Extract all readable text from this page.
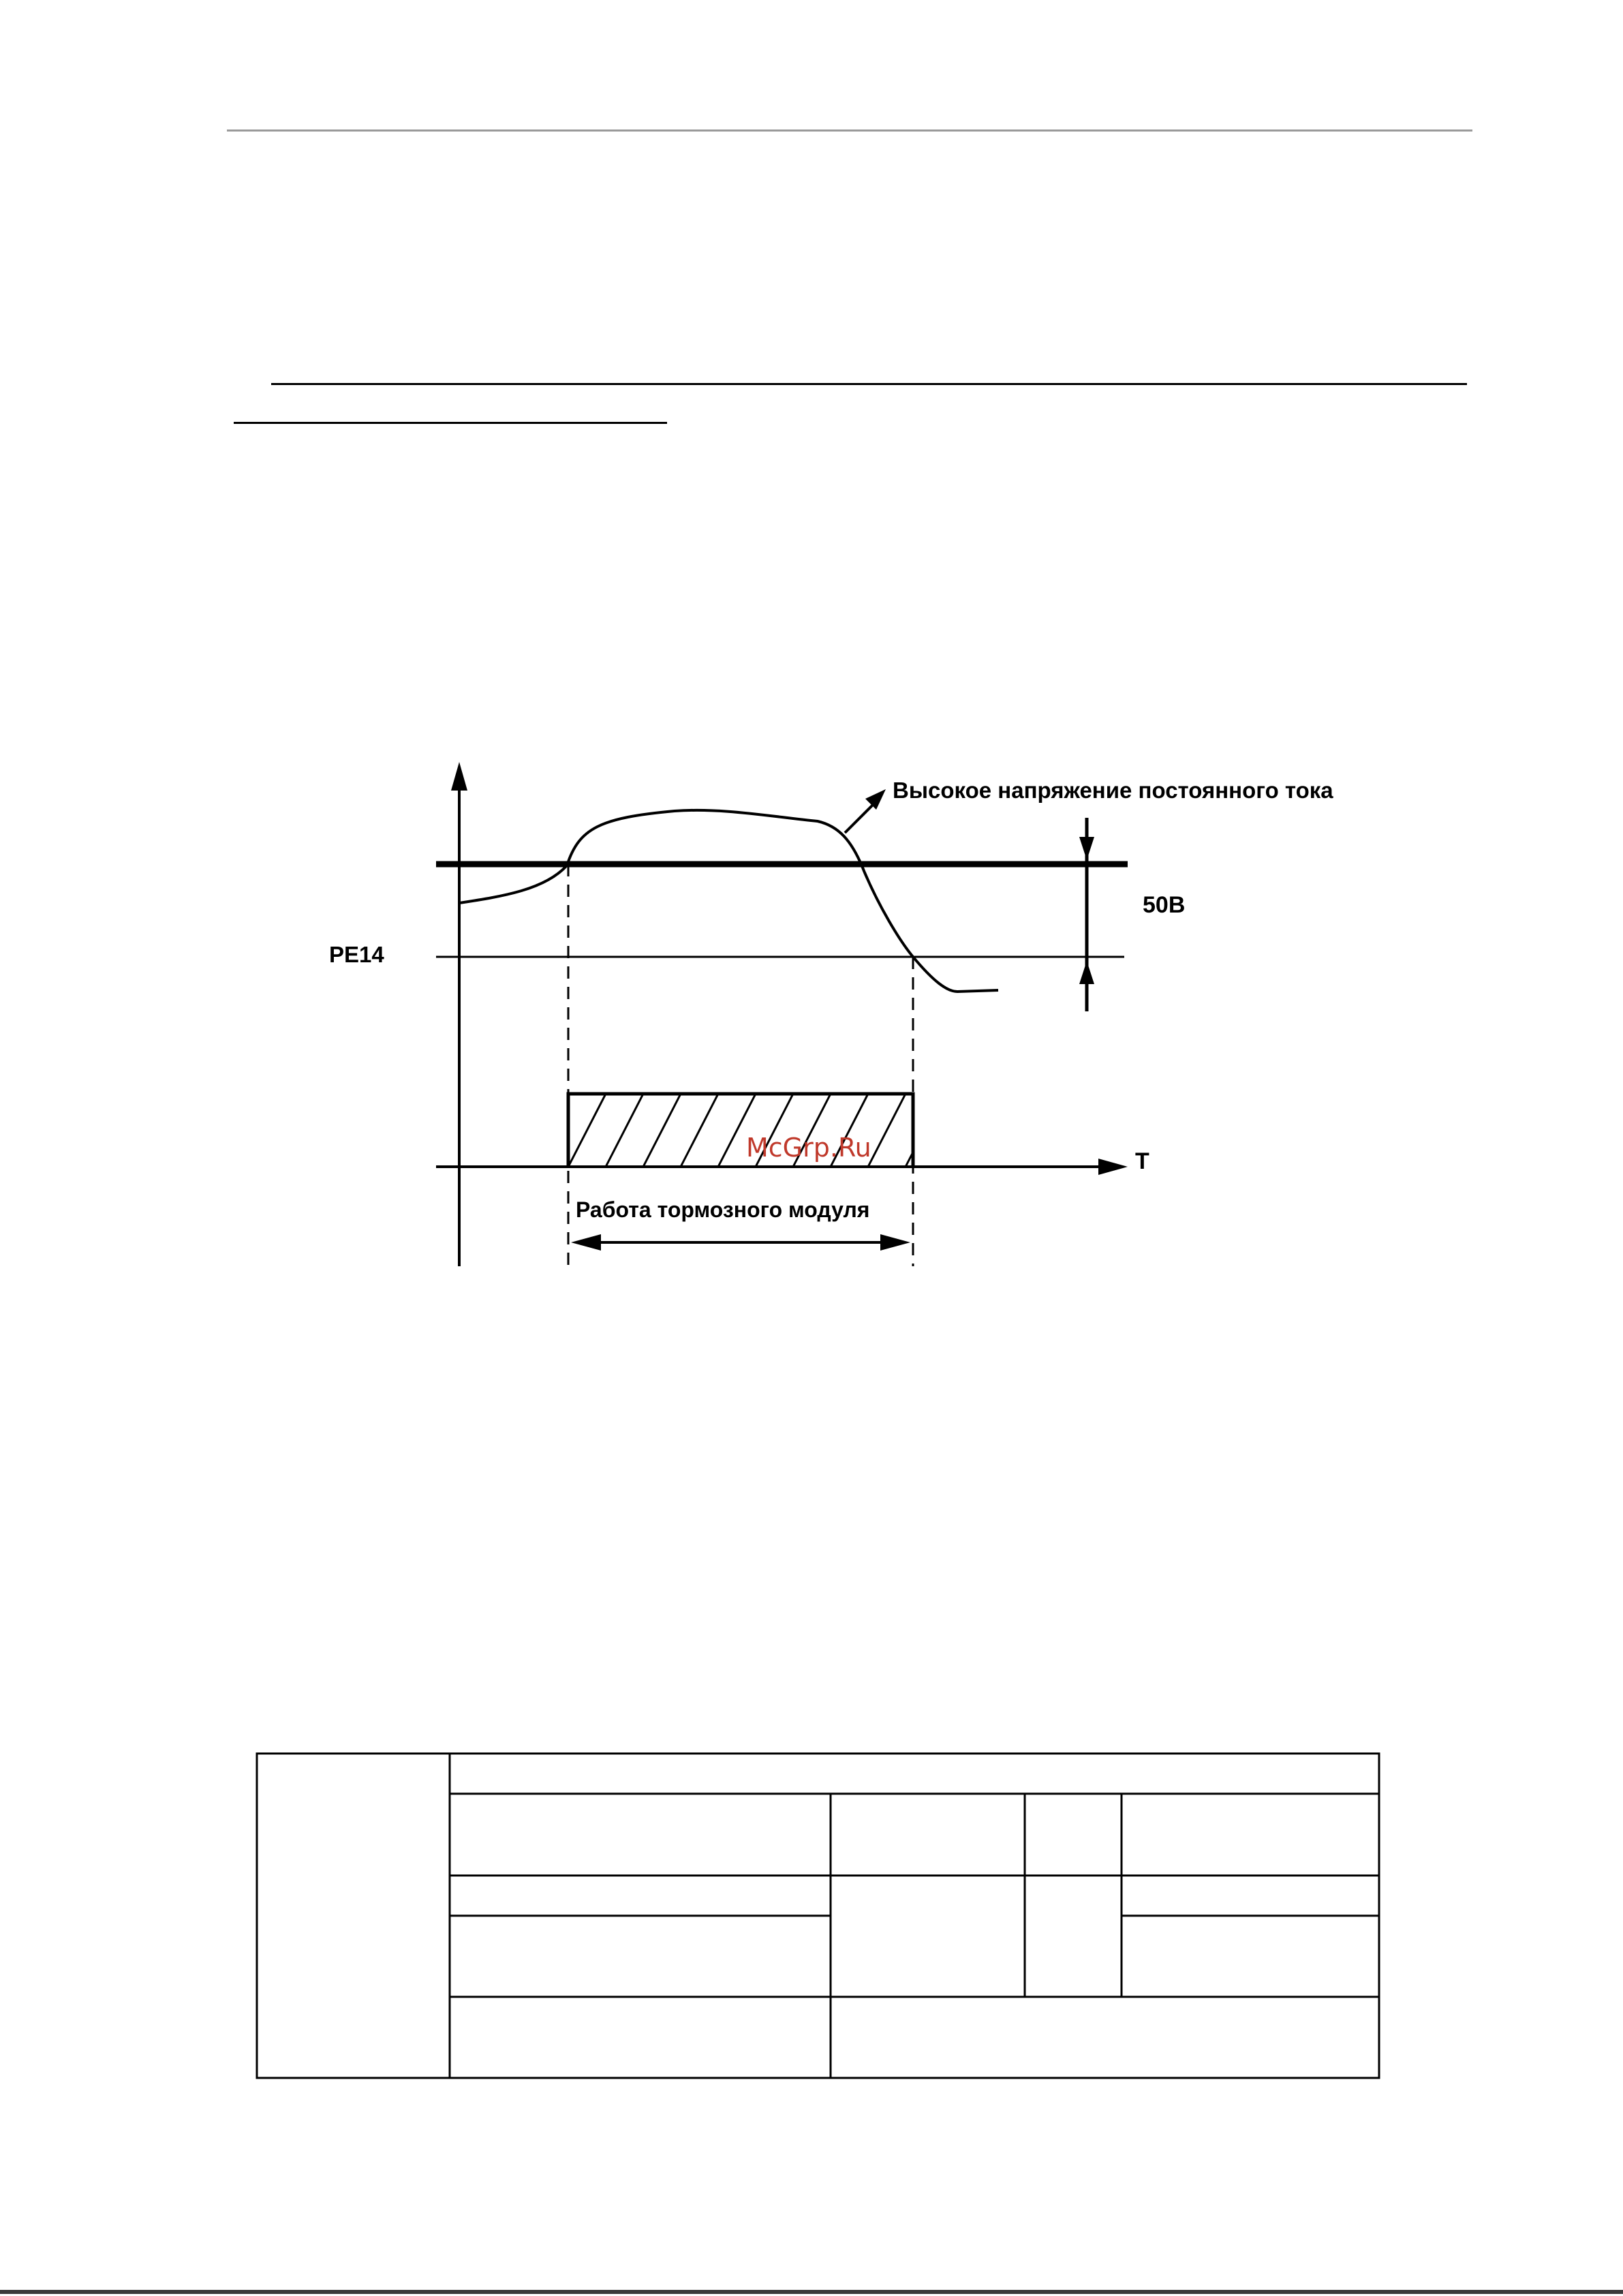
Высокое напряжение постоянного тока
50В
РЕ14
T
Работа тормозного модуля
McGrp.Ru
